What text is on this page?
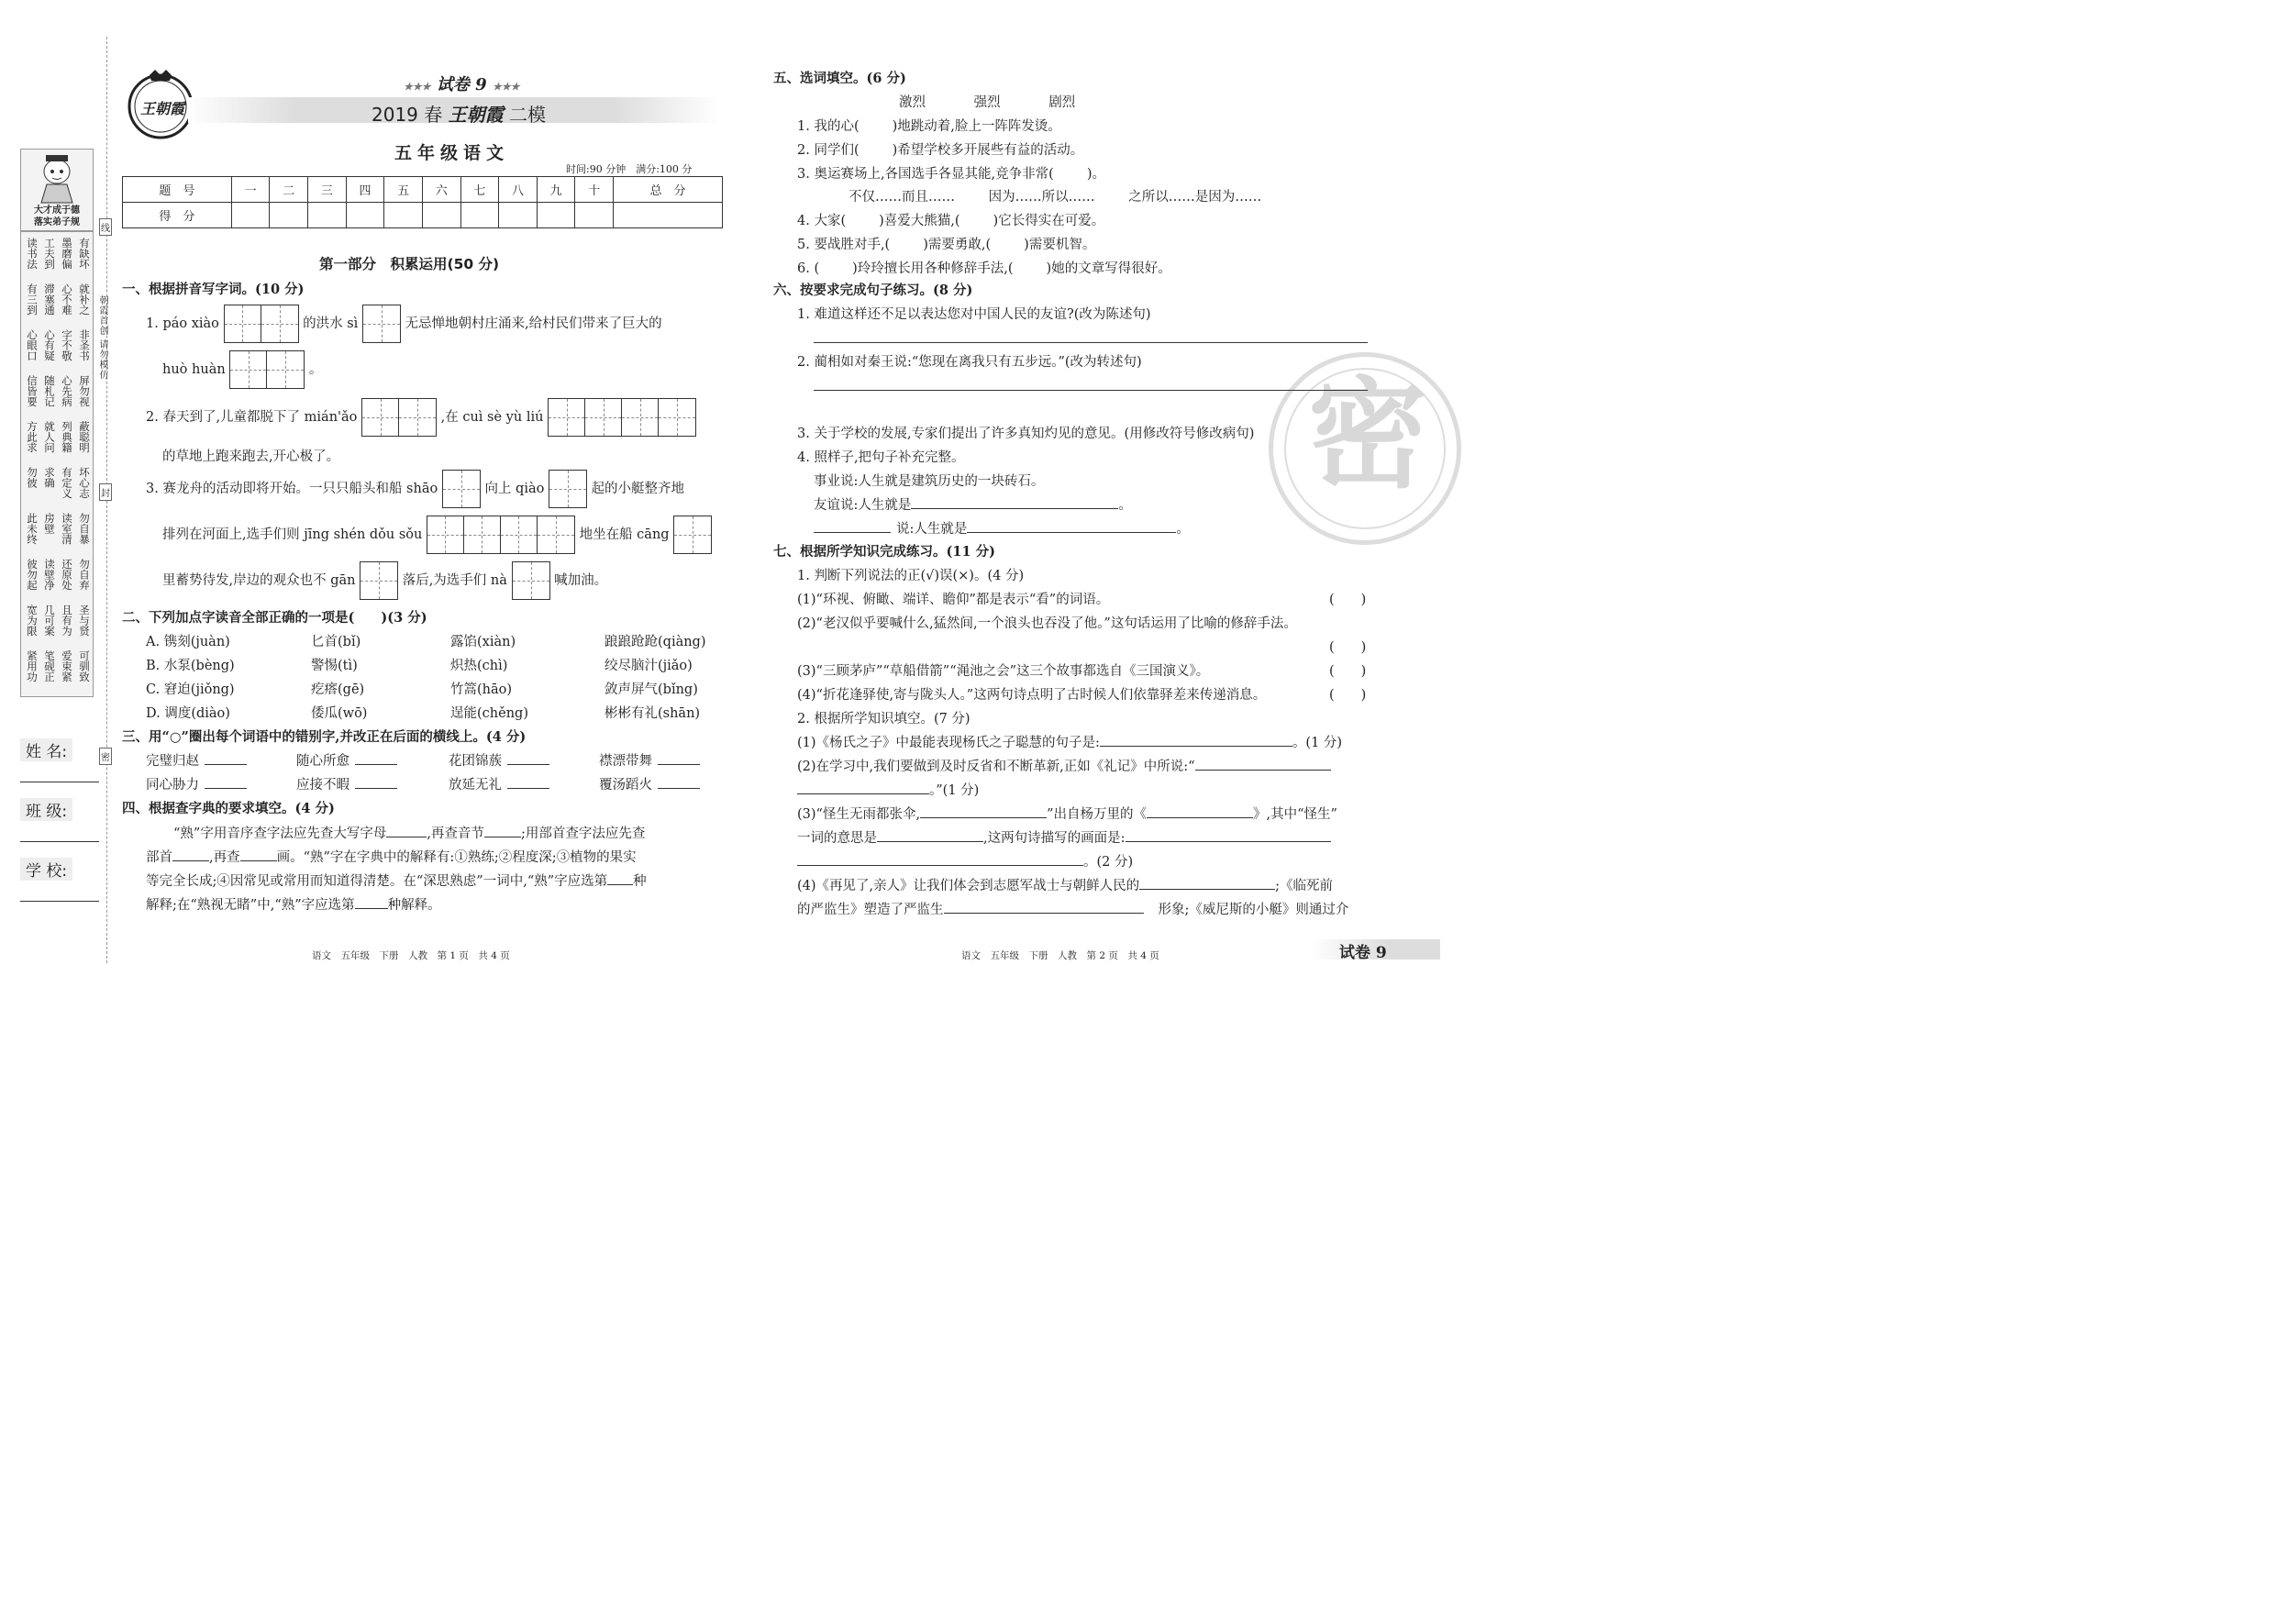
大才成于德
落实弟子规
有缺坏
墨磨偏
工夫到
读书法
就补之
心不难
滞塞通
有三到
非圣书
字不敬
心有疑
心眼口
屏勿视
心先病
随札记
信皆要
蔽聪明
列典籍
就人问
方此求
坏心志
有定义
求确
勿彼
勿自暴
读室清
房壁
此未终
勿自弃
还原处
读壁净
彼勿起
圣与贤
且有为
几可案
宽为限
可驯致
爱束紧
笔砚正
紧用功
姓 名:
班 级:
学 校:
线
朝霞首创 请勿模仿
封
密
王朝霞
★★★ 试卷 9 ★★★
2019 春 王朝霞 二模
五年级语文
时间:90 分钟　满分:100 分
题　号	一	二	三	四	五	六	七	八	九	十	总　分
得　分											
第一部分　积累运用(50 分)
一、根据拼音写字词。(10 分)
1. páo xiào	的洪水 sì	无忌惮地朝村庄涌来,给村民们带来了巨大的
huò huàn	。
2. 春天到了,儿童都脱下了 mián'ǎo	,在 cuì sè yù liú
的草地上跑来跑去,开心极了。
3. 赛龙舟的活动即将开始。一只只船头和船 shāo	向上 qiào	起的小艇整齐地
排列在河面上,选手们则 jīng shén dǒu sǒu	地坐在船 cāng
里蓄势待发,岸边的观众也不 gān	落后,为选手们 nà	喊加油。
二、下列加点字读音全部正确的一项是(　　)(3 分)
A. 镌刻(juàn)	匕首(bǐ)	露馅(xiàn)	踉踉跄跄(qiàng)
B. 水泵(bèng)	警惕(tì)	炽热(chì)	绞尽脑汁(jiǎo)
C. 窘迫(jiǒng)	疙瘩(gē)	竹篙(hāo)	敛声屏气(bǐng)
D. 调度(diào)	倭瓜(wō)	逞能(chěng)	彬彬有礼(shān)
三、用“○”圈出每个词语中的错别字,并改正在后面的横线上。(4 分)
完璧归赵	随心所愈	花团锦蔟	襟漂带舞
同心胁力	应接不暇	放延无礼	覆汤蹈火
四、根据查字典的要求填空。(4 分)
“熟”字用音序查字法应先查大写字母	,再查音节	;用部首查字法应先查
部首	,再查	画。“熟”字在字典中的解释有:①熟练;②程度深;③植物的果实
等完全长成;④因常见或常用而知道得清楚。在“深思熟虑”一词中,“熟”字应选第 种
解释;在“熟视无睹”中,“熟”字应选第 种解释。
语文　五年级　下册　人教　第 1 页　共 4 页
密
五、选词填空。(6 分)
激烈	强烈	剧烈
1. 我的心( )地跳动着,脸上一阵阵发烫。
2. 同学们( )希望学校多开展些有益的活动。
3. 奥运赛场上,各国选手各显其能,竞争非常( )。
不仅……而且……	因为……所以……	之所以……是因为……
4. 大家( )喜爱大熊猫,( )它长得实在可爱。
5. 要战胜对手,( )需要勇敢,( )需要机智。
6. ( )玲玲擅长用各种修辞手法,( )她的文章写得很好。
六、按要求完成句子练习。(8 分)
1. 难道这样还不足以表达您对中国人民的友谊?(改为陈述句)
2. 蔺相如对秦王说:“您现在离我只有五步远。”(改为转述句)
3. 关于学校的发展,专家们提出了许多真知灼见的意见。(用修改符号修改病句)
4. 照样子,把句子补充完整。
事业说:人生就是建筑历史的一块砖石。
友谊说:人生就是	。
说:人生就是	。
七、根据所学知识完成练习。(11 分)
1. 判断下列说法的正(√)误(×)。(4 分)
(1)“环视、俯瞰、端详、瞻仰”都是表示“看”的词语。	(　　)
(2)“老汉似乎要喊什么,猛然间,一个浪头也吞没了他。”这句话运用了比喻的修辞手法。
(　　)
(3)“三顾茅庐”“草船借箭”“渑池之会”这三个故事都选自《三国演义》。	(　　)
(4)“折花逢驿使,寄与陇头人。”这两句诗点明了古时候人们依靠驿差来传递消息。	(　　)
2. 根据所学知识填空。(7 分)
(1)《杨氏之子》中最能表现杨氏之子聪慧的句子是:	。(1 分)
(2)在学习中,我们要做到及时反省和不断革新,正如《礼记》中所说:“
。”(1 分)
(3)“怪生无雨都张伞,	”出自杨万里的《	》,其中“怪生”
一词的意思是	,这两句诗描写的画面是:
。(2 分)
(4)《再见了,亲人》让我们体会到志愿军战士与朝鲜人民的	;《临死前
的严监生》塑造了严监生	形象;《威尼斯的小艇》则通过介
语文　五年级　下册　人教　第 2 页　共 4 页	试卷 9
